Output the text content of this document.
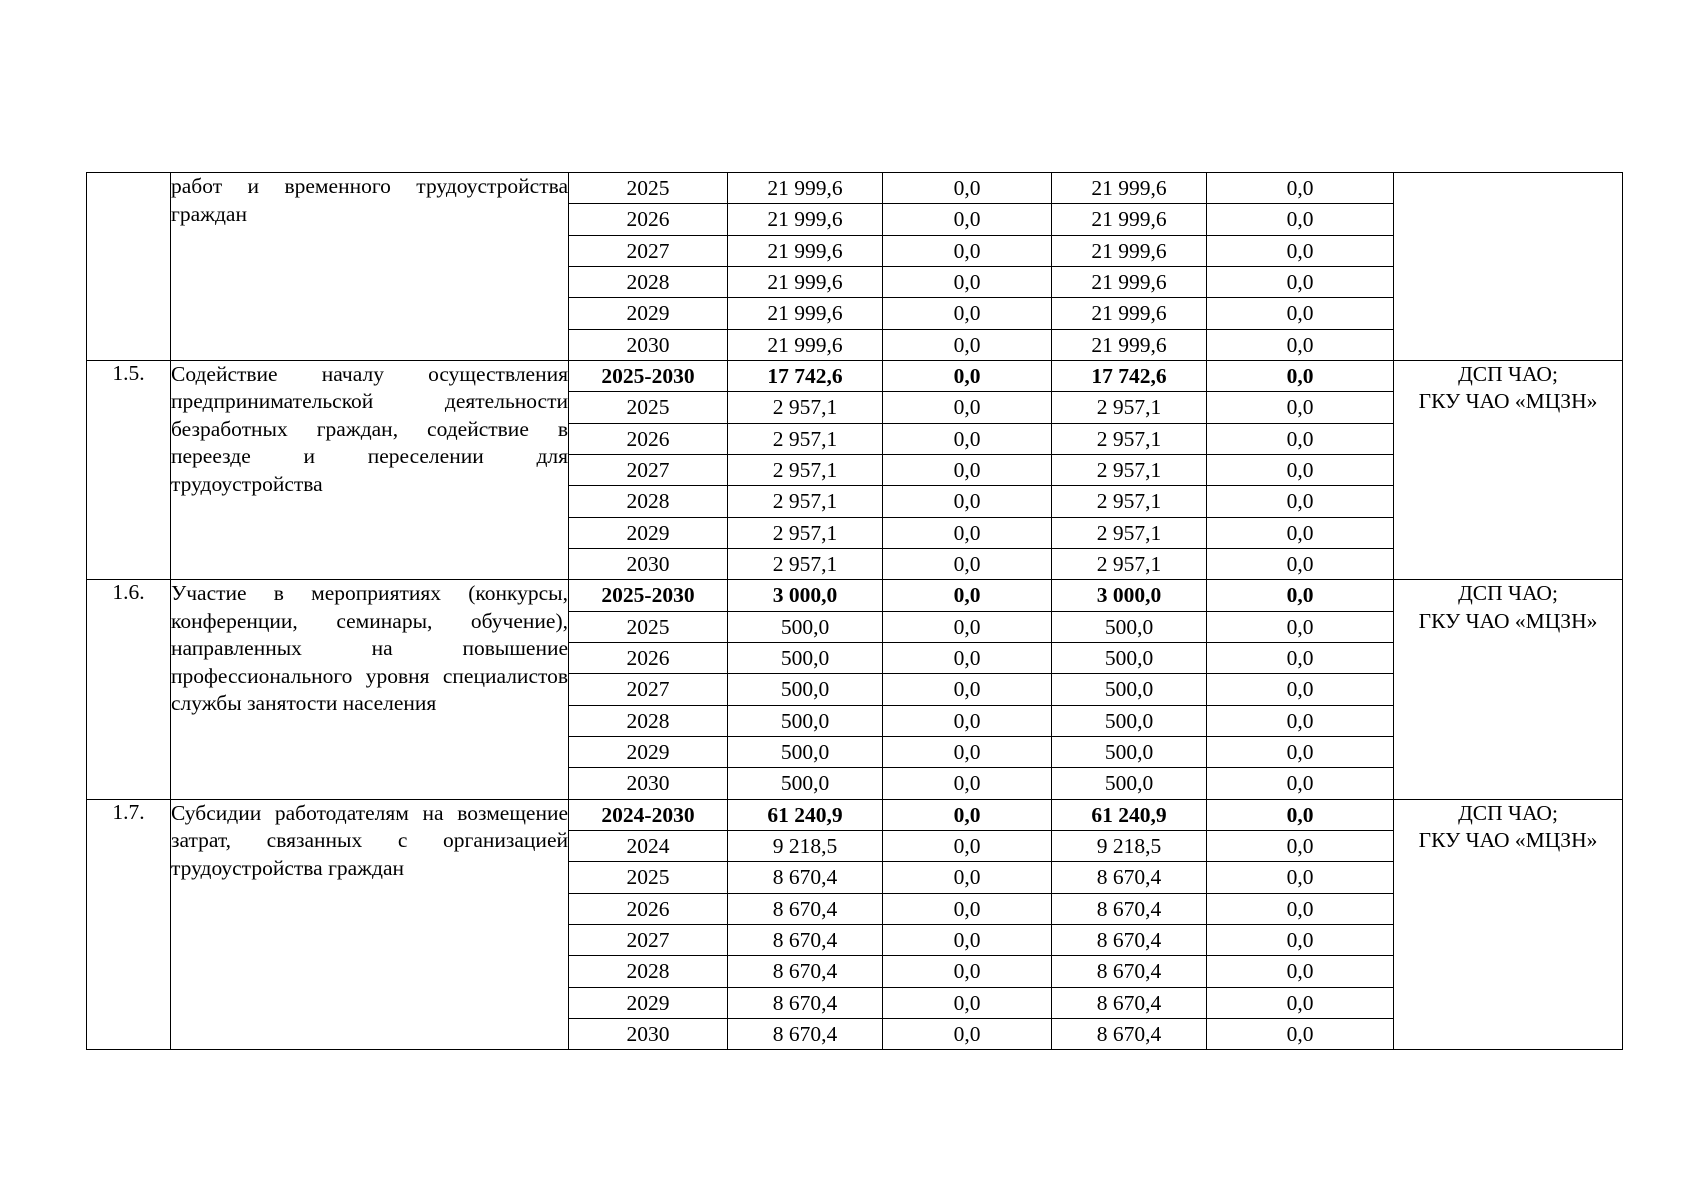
	работ и временного трудоустройства граждан	2025	21 999,6	0,0	21 999,6	0,0	
		2026	21 999,6	0,0	21 999,6	0,0	
		2027	21 999,6	0,0	21 999,6	0,0	
		2028	21 999,6	0,0	21 999,6	0,0	
		2029	21 999,6	0,0	21 999,6	0,0	
		2030	21 999,6	0,0	21 999,6	0,0	
1.5.	Содействие началу осуществления предпринимательской деятельности безработных граждан, содействие в переезде и переселении для трудоустройства	2025-2030	17 742,6	0,0	17 742,6	0,0	ДСП ЧАО;
ГКУ ЧАО «МЦЗН»

		2025	2 957,1	0,0	2 957,1	0,0	
		2026	2 957,1	0,0	2 957,1	0,0	
		2027	2 957,1	0,0	2 957,1	0,0	
		2028	2 957,1	0,0	2 957,1	0,0	
		2029	2 957,1	0,0	2 957,1	0,0	
		2030	2 957,1	0,0	2 957,1	0,0	
1.6.	Участие в мероприятиях (конкурсы, конференции, семинары, обучение), направленных на повышение профессионального уровня специалистов службы занятости населения	2025-2030	3 000,0	0,0	3 000,0	0,0	ДСП ЧАО;
ГКУ ЧАО «МЦЗН»

		2025	500,0	0,0	500,0	0,0	
		2026	500,0	0,0	500,0	0,0	
		2027	500,0	0,0	500,0	0,0	
		2028	500,0	0,0	500,0	0,0	
		2029	500,0	0,0	500,0	0,0	
		2030	500,0	0,0	500,0	0,0	
1.7.	Субсидии работодателям на возмещение затрат, связанных с организацией трудоустройства граждан	2024-2030	61 240,9	0,0	61 240,9	0,0	ДСП ЧАО;
ГКУ ЧАО «МЦЗН»

		2024	9 218,5	0,0	9 218,5	0,0	
		2025	8 670,4	0,0	8 670,4	0,0	
		2026	8 670,4	0,0	8 670,4	0,0	
		2027	8 670,4	0,0	8 670,4	0,0	
		2028	8 670,4	0,0	8 670,4	0,0	
		2029	8 670,4	0,0	8 670,4	0,0	
		2030	8 670,4	0,0	8 670,4	0,0	
